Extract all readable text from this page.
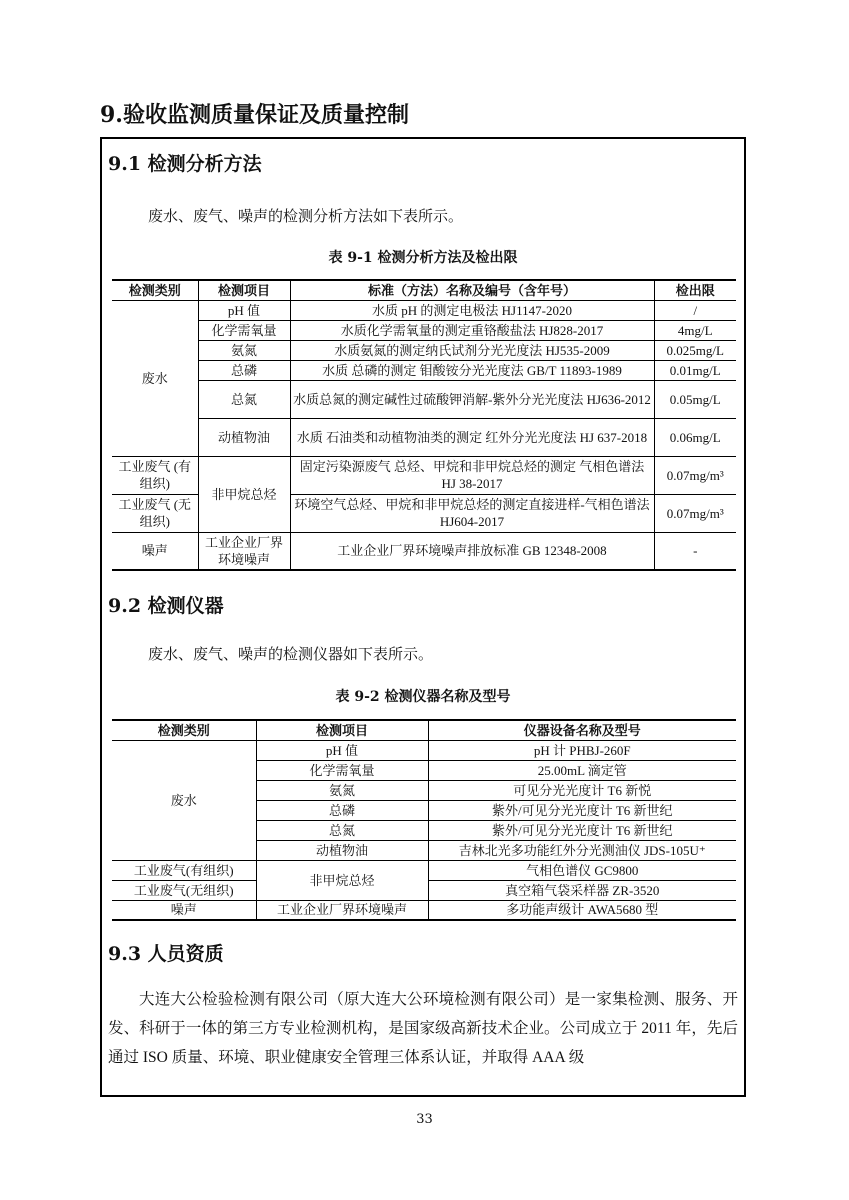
9.验收监测质量保证及质量控制
9.1 检测分析方法

废水、废气、噪声的检测分析方法如下表所示。

表 9-1 检测分析方法及检出限

检测类别	检测项目	标准（方法）名称及编号（含年号）	检出限
废水	pH 值	水质 pH 的测定电极法 HJ1147-2020	/
	化学需氧量	水质化学需氧量的测定重铬酸盐法 HJ828-2017	4mg/L
	氨氮	水质氨氮的测定纳氏试剂分光光度法 HJ535-2009	0.025mg/L
	总磷	水质 总磷的测定 钼酸铵分光光度法 GB/T 11893-1989	0.01mg/L
	总氮	水质总氮的测定碱性过硫酸钾消解-紫外分光光度法 HJ636-2012	0.05mg/L
	动植物油	水质 石油类和动植物油类的测定 红外分光光度法 HJ 637-2018	0.06mg/L
工业废气 (有组织)	非甲烷总烃	固定污染源废气 总烃、甲烷和非甲烷总烃的测定 气相色谱法 HJ 38-2017	0.07mg/m³
工业废气 (无组织)		环境空气总烃、甲烷和非甲烷总烃的测定直接进样-气相色谱法 HJ604-2017	0.07mg/m³
噪声	工业企业厂界环境噪声	工业企业厂界环境噪声排放标准 GB 12348-2008	-
9.2 检测仪器

废水、废气、噪声的检测仪器如下表所示。

表 9-2 检测仪器名称及型号

检测类别	检测项目	仪器设备名称及型号
废水	pH 值	pH 计 PHBJ-260F
	化学需氧量	25.00mL 滴定管
	氨氮	可见分光光度计 T6 新悦
	总磷	紫外/可见分光光度计 T6 新世纪
	总氮	紫外/可见分光光度计 T6 新世纪
	动植物油	吉林北光多功能红外分光测油仪 JDS-105U⁺
工业废气(有组织)	非甲烷总烃	气相色谱仪 GC9800
工业废气(无组织)		真空箱气袋采样器 ZR-3520
噪声	工业企业厂界环境噪声	多功能声级计 AWA5680 型
9.3 人员资质

大连大公检验检测有限公司（原大连大公环境检测有限公司）是一家集检测、服务、开发、科研于一体的第三方专业检测机构，是国家级高新技术企业。公司成立于 2011 年，先后通过 ISO 质量、环境、职业健康安全管理三体系认证，并取得 AAA 级

33
